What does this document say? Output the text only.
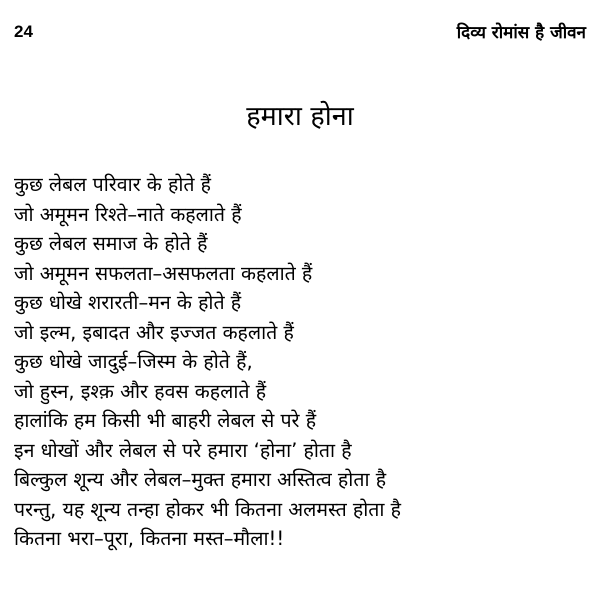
24	दिव्य रोमांस है जीवन
हमारा होना
कुछ लेबल परिवार के होते हैं
जो अमूमन रिश्ते–नाते कहलाते हैं
कुछ लेबल समाज के होते हैं
जो अमूमन सफलता–असफलता कहलाते हैं
कुछ धोखे शरारती–मन के होते हैं
जो इल्म, इबादत और इज्जत कहलाते हैं
कुछ धोखे जादुई–जिस्म के होते हैं,
जो हुस्न, इश्क़ और हवस कहलाते हैं
हालांकि हम किसी भी बाहरी लेबल से परे हैं
इन धोखों और लेबल से परे हमारा ‘होना’ होता है
बिल्कुल शून्य और लेबल–मुक्त हमारा अस्तित्व होता है
परन्तु, यह शून्य तन्हा होकर भी कितना अलमस्त होता है
कितना भरा–पूरा, कितना मस्त–मौला!!
